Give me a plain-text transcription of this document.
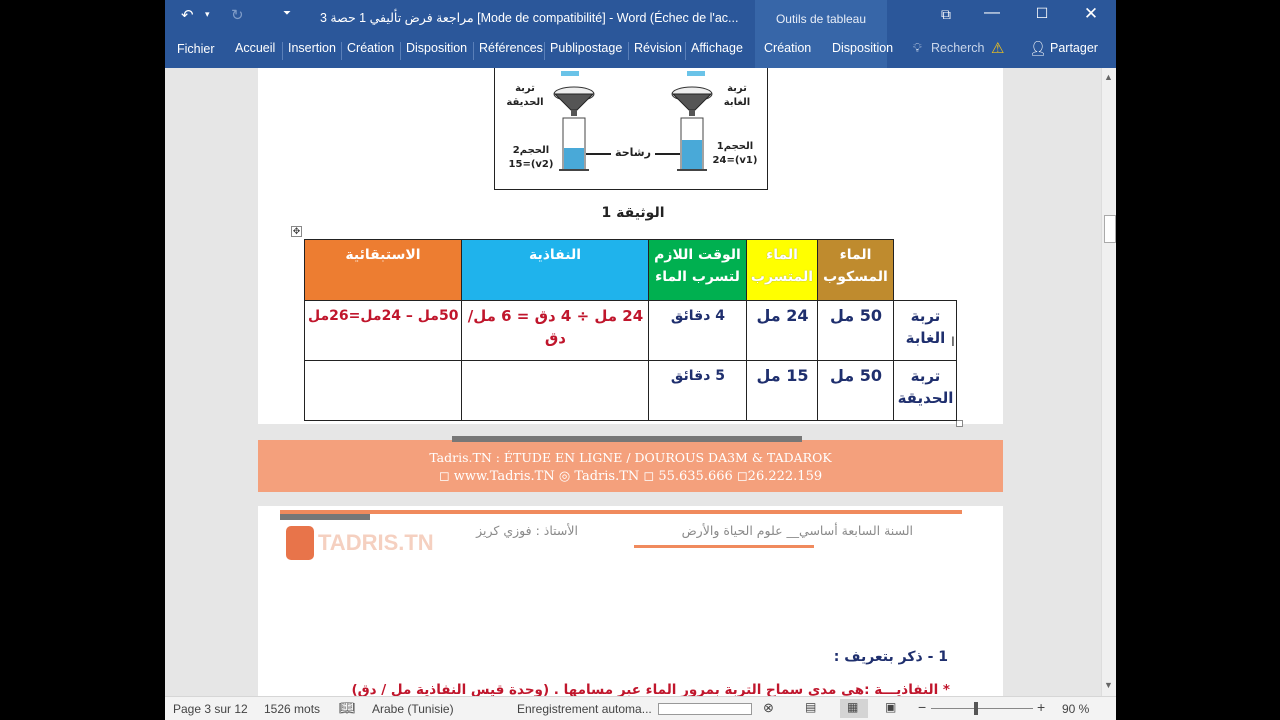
↶ ▾ ↻	⏷ مراجعة فرض تأليفي 1 حصة 3 [Mode de compatibilité] - Word (Échec de l'ac...	Outils de tableau	⧉	—	☐	✕
Fichier Accueil Insertion Création Disposition Références Publipostage Révision Affichage Création Disposition 💡︎ Recherch ⚠ 👤︎ Partager
تربة الحديقة
تربة الغابة
الحجم2 (v2)=15
الحجم1 (v1)=24
رشاحة
الوثيقة 1
✥
الماء المسكوب	الماء المتسرب	الوقت اللازم لتسرب الماء	النفاذية	الاستبقائية
تربة الغابة	50 مل	24 مل	4 دقائق	24 مل ÷ 4 دق = 6 مل/دق	50مل – 24مل=26مل
تربة الحديقة	50 مل	15 مل	5 دقائق		
I
Tadris.TN : ÉTUDE EN LIGNE / DOUROUS DA3M & TADAROK
◻ www.Tadris.TN ◎ Tadris.TN ◻ 55.635.666 ◻26.222.159
TADRIS.TN	الأستاذ : فوزي كريز	السنة السابعة أساسي__ علوم الحياة والأرض
1 - ذكر بتعريف :
* النفاذيـــة :هي مدى سماح التربة بمرور الماء عبر مسامها . (وحدة قيس النفاذية مل / دق)
▲
▼
Page 3 sur 12 1526 mots 📖︎ Arabe (Tunisie)	Enregistrement automa...	⊗	▤	▦ ▣ −	+ 90 %
